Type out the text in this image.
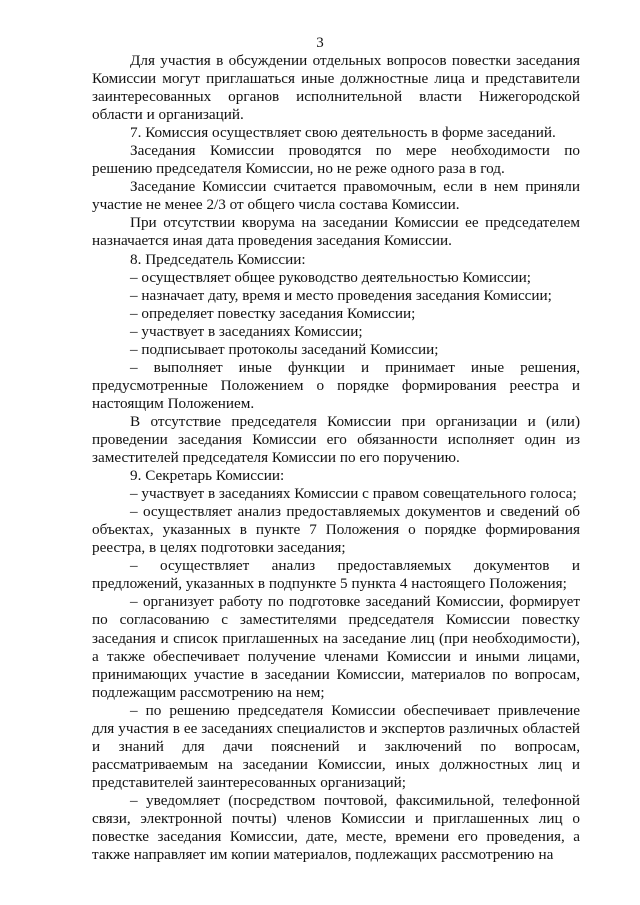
3

Для участия в обсуждении отдельных вопросов повестки заседания Комиссии могут приглашаться иные должностные лица и представители заинтересованных органов исполнительной власти Нижегородской области и организаций.

7. Комиссия осуществляет свою деятельность в форме заседаний.

Заседания Комиссии проводятся по мере необходимости по решению председателя Комиссии, но не реже одного раза в год.

Заседание Комиссии считается правомочным, если в нем приняли участие не менее 2/3 от общего числа состава Комиссии.

При отсутствии кворума на заседании Комиссии ее председателем назначается иная дата проведения заседания Комиссии.

8. Председатель Комиссии:

– осуществляет общее руководство деятельностью Комиссии;

– назначает дату, время и место проведения заседания Комиссии;

– определяет повестку заседания Комиссии;

– участвует в заседаниях Комиссии;

– подписывает протоколы заседаний Комиссии;

– выполняет иные функции и принимает иные решения, предусмотренные Положением о порядке формирования реестра и настоящим Положением.

В отсутствие председателя Комиссии при организации и (или) проведении заседания Комиссии его обязанности исполняет один из заместителей председателя Комиссии по его поручению.

9. Секретарь Комиссии:

– участвует в заседаниях Комиссии с правом совещательного голоса;

– осуществляет анализ предоставляемых документов и сведений об объектах, указанных в пункте 7 Положения о порядке формирования реестра, в целях подготовки заседания;

– осуществляет анализ предоставляемых документов и предложений, указанных в подпункте 5 пункта 4 настоящего Положения;

– организует работу по подготовке заседаний Комиссии, формирует по согласованию с заместителями председателя Комиссии повестку заседания и список приглашенных на заседание лиц (при необходимости), а также обеспечивает получение членами Комиссии и иными лицами, принимающих участие в заседании Комиссии, материалов по вопросам, подлежащим рассмотрению на нем;

– по решению председателя Комиссии обеспечивает привлечение для участия в ее заседаниях специалистов и экспертов различных областей и знаний для дачи пояснений и заключений по вопросам, рассматриваемым на заседании Комиссии, иных должностных лиц и представителей заинтересованных организаций;

– уведомляет (посредством почтовой, факсимильной, телефонной связи, электронной почты) членов Комиссии и приглашенных лиц о повестке заседания Комиссии, дате, месте, времени его проведения, а также направляет им копии материалов, подлежащих рассмотрению на
